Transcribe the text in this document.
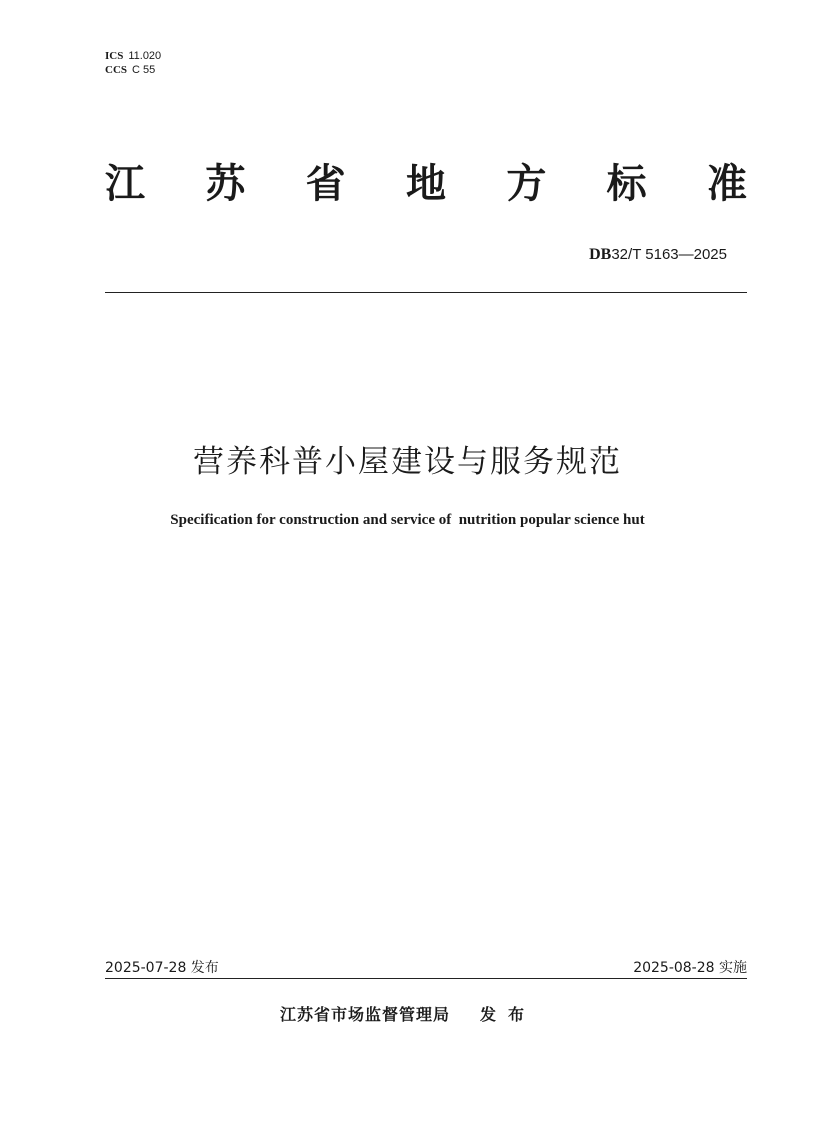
ICS 11.020
CCS C 55
江 苏 省 地 方 标 准
DB32/T 5163—2025
营养科普小屋建设与服务规范
Specification for construction and service of  nutrition popular science hut
2025-07-28 发布	2025-08-28 实施
江苏省市场监督管理局 发布
